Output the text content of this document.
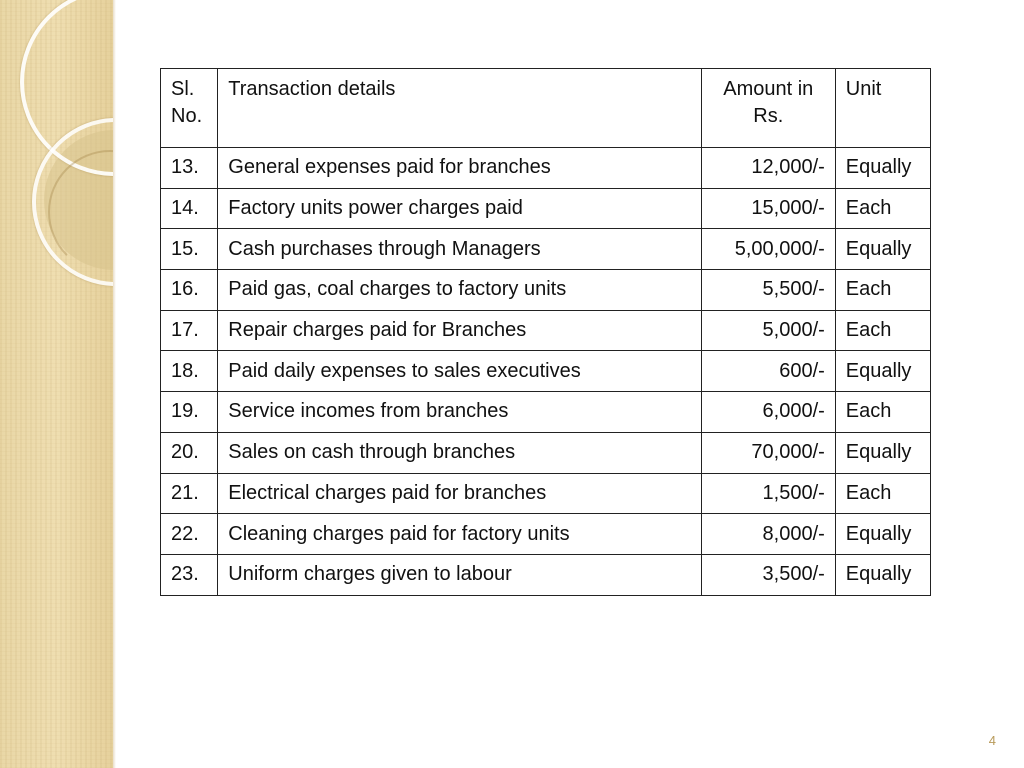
Sl. No.	Transaction details	Amount in Rs.	Unit
13.	General expenses paid for branches	12,000/-	Equally
14.	Factory units power charges paid	15,000/-	Each
15.	Cash purchases through Managers	5,00,000/-	Equally
16.	Paid gas, coal charges to factory units	5,500/-	Each
17.	Repair charges paid for Branches	5,000/-	Each
18.	Paid daily expenses to sales executives	600/-	Equally
19.	Service incomes from branches	6,000/-	Each
20.	Sales on cash through branches	70,000/-	Equally
21.	Electrical charges paid for branches	1,500/-	Each
22.	Cleaning charges paid for factory units	8,000/-	Equally
23.	Uniform charges given to labour	3,500/-	Equally
4
